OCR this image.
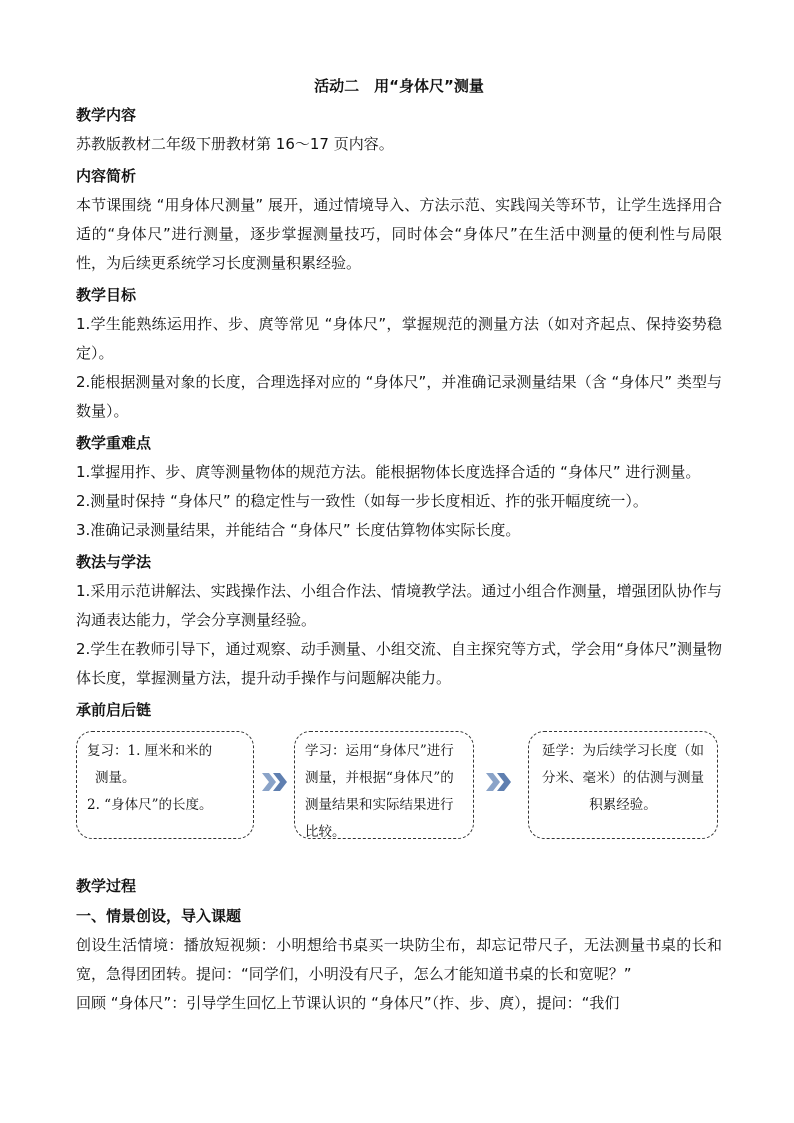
活动二　用“身体尺”测量
教学内容
苏教版教材二年级下册教材第 16～17 页内容。
内容简析
本节课围绕 “用身体尺测量” 展开，通过情境导入、方法示范、实践闯关等环节，让学生选择用合适的“身体尺”进行测量，逐步掌握测量技巧，同时体会“身体尺”在生活中测量的便利性与局限性，为后续更系统学习长度测量积累经验。
教学目标
1.学生能熟练运用拃、步、庹等常见 “身体尺”，掌握规范的测量方法（如对齐起点、保持姿势稳定）。
2.能根据测量对象的长度，合理选择对应的 “身体尺”，并准确记录测量结果（含 “身体尺” 类型与数量）。
教学重难点
1.掌握用拃、步、庹等测量物体的规范方法。能根据物体长度选择合适的 “身体尺” 进行测量。
2.测量时保持 “身体尺” 的稳定性与一致性（如每一步长度相近、拃的张开幅度统一）。
3.准确记录测量结果，并能结合 “身体尺” 长度估算物体实际长度。
教法与学法
1.采用示范讲解法、实践操作法、小组合作法、情境教学法。通过小组合作测量，增强团队协作与沟通表达能力，学会分享测量经验。
2.学生在教师引导下，通过观察、动手测量、小组交流、自主探究等方式，学会用“身体尺”测量物体长度，掌握测量方法，提升动手操作与问题解决能力。
承前启后链
复习：1. 厘米和米的
测量。
2. “身体尺”的长度。
学习：运用“身体尺”进行测量，并根据“身体尺”的测量结果和实际结果进行比较。
延学：为后续学习长度（如分米、毫米）的估测与测量积累经验。
教学过程
一、情景创设，导入课题
创设生活情境：播放短视频：小明想给书桌买一块防尘布，却忘记带尺子，无法测量书桌的长和宽，急得团团转。提问：“同学们，小明没有尺子，怎么才能知道书桌的长和宽呢？”
回顾 “身体尺”：引导学生回忆上节课认识的 “身体尺”（拃、步、庹），提问：“我们
